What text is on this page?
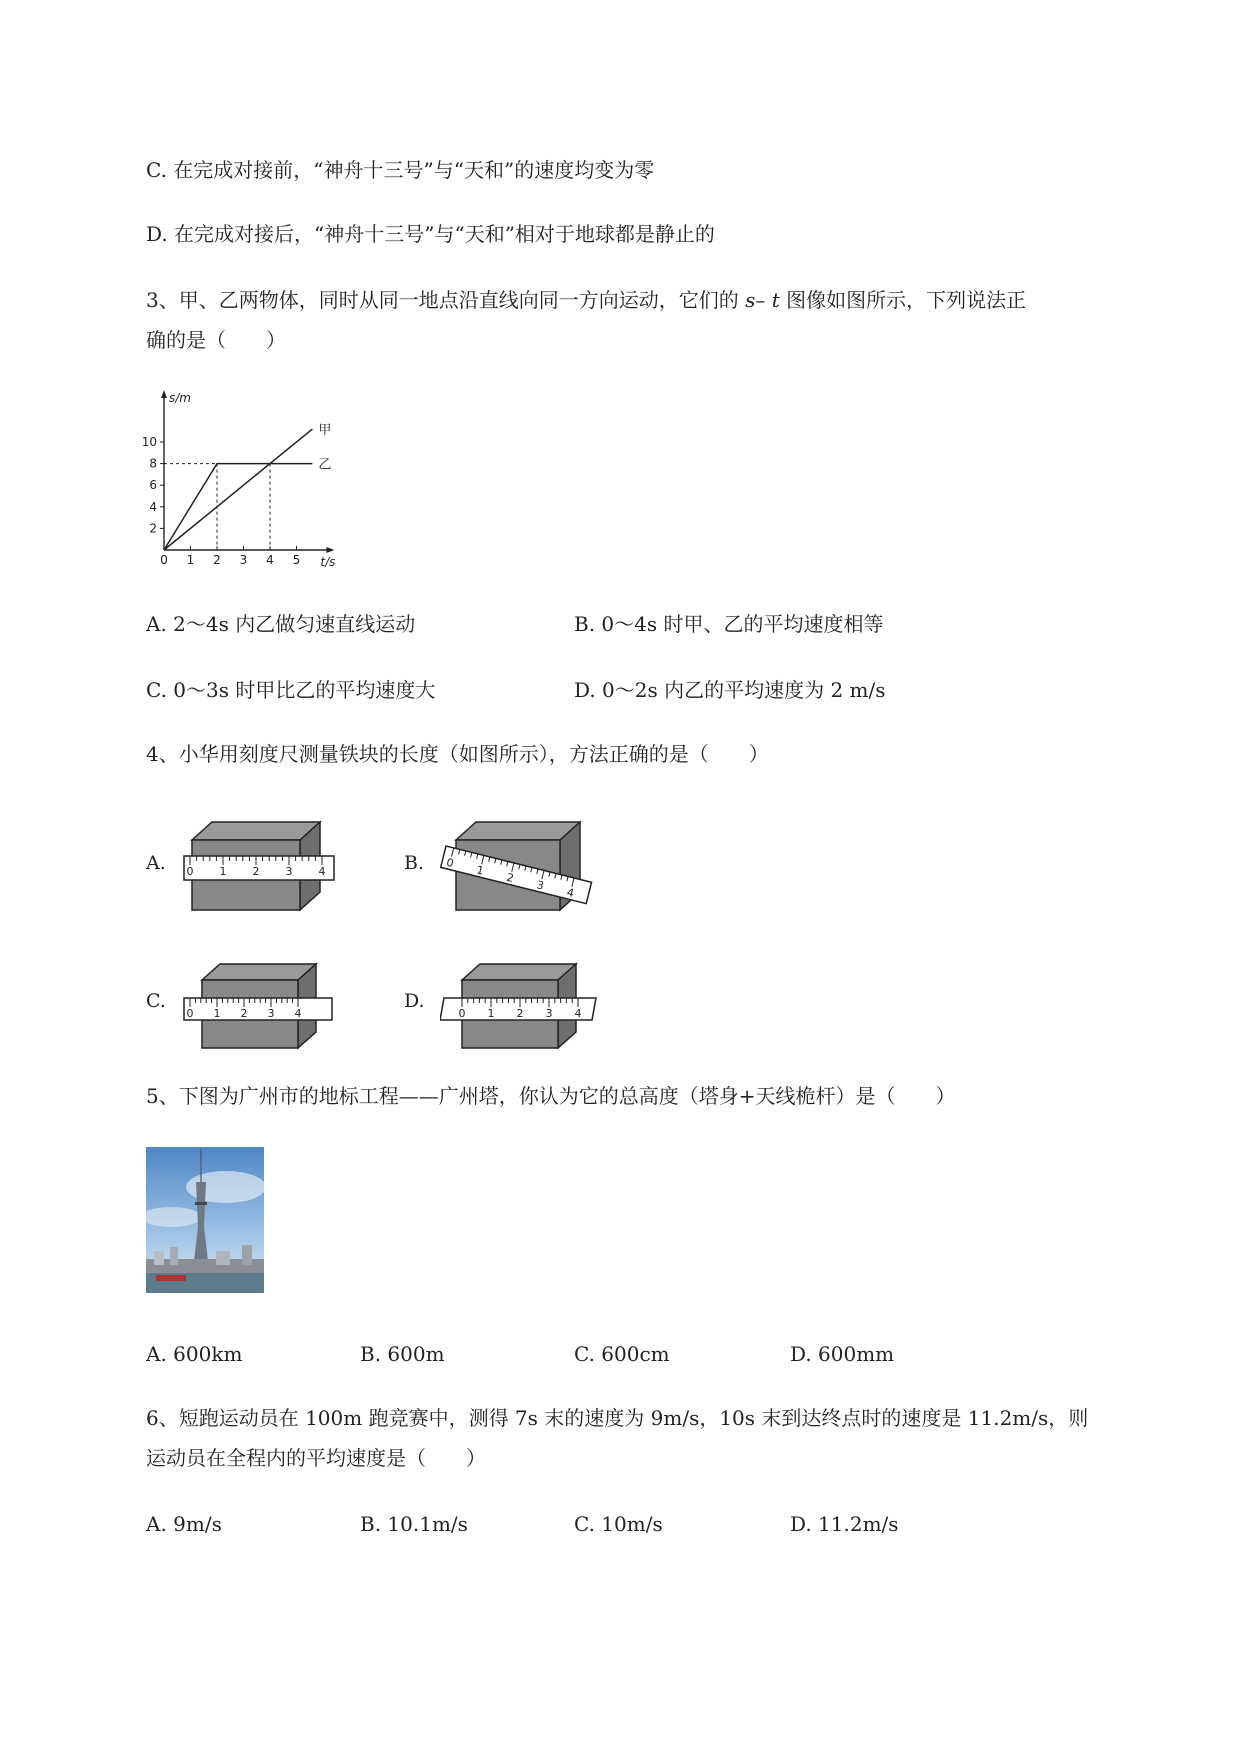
C. 在完成对接前，“神舟十三号”与“天和”的速度均变为零
D. 在完成对接后，“神舟十三号”与“天和”相对于地球都是静止的
3、甲、乙两物体，同时从同一地点沿直线向同一方向运动，它们的 s– t 图像如图所示，下列说法正
确的是（　　）
0 1 2 3 4 5
2
4
6
8
10
甲
乙
s/m
t/s
A. 2～4s 内乙做匀速直线运动	B. 0～4s 时甲、乙的平均速度相等
C. 0～3s 时甲比乙的平均速度大	D. 0～2s 内乙的平均速度为 2 m/s
4、小华用刻度尺测量铁块的长度（如图所示），方法正确的是（　　）
A.	B.
C.	D.
0 1 2 3 4
0
1
2
3
4
0 1 2 3 4	0 1 2 3 4
5、下图为广州市的地标工程——广州塔，你认为它的总高度（塔身+天线桅杆）是（　　）
A. 600km	B. 600m	C. 600cm	D. 600mm
6、短跑运动员在 100m 跑竞赛中，测得 7s 末的速度为 9m/s，10s 末到达终点时的速度是 11.2m/s，则
运动员在全程内的平均速度是（　　）
A. 9m/s	B. 10.1m/s	C. 10m/s	D. 11.2m/s
